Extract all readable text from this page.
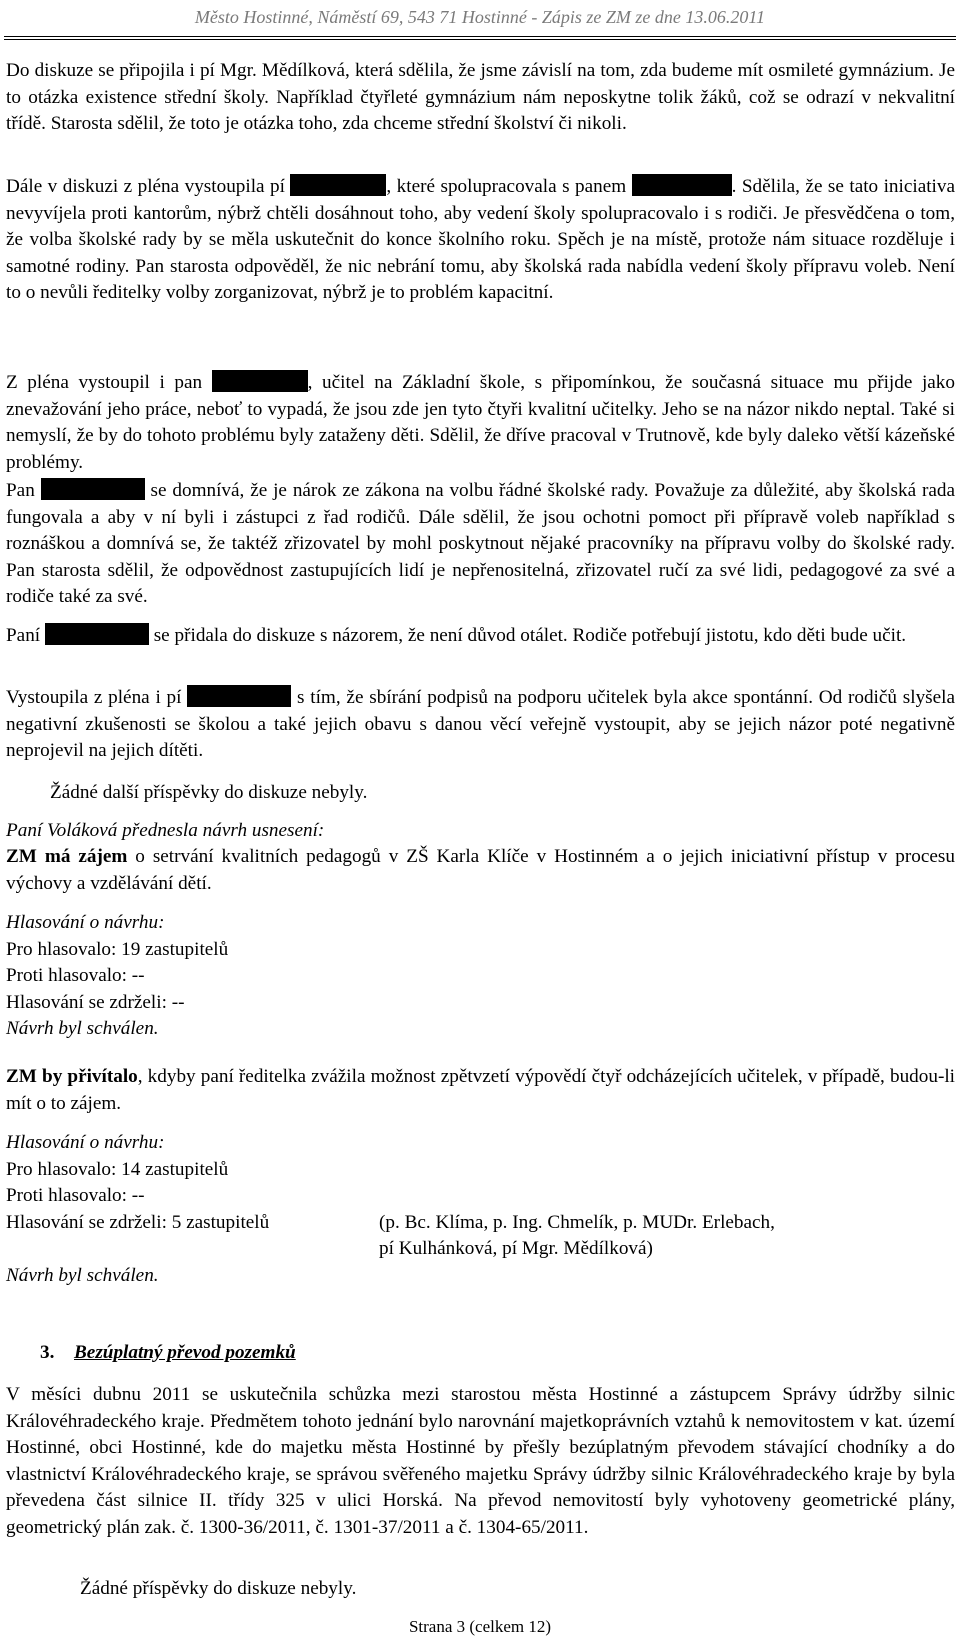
Město Hostinné, Náměstí 69, 543 71 Hostinné - Zápis ze ZM ze dne 13.06.2011

Do diskuze se připojila i pí Mgr. Mědílková, která sdělila, že jsme závislí na tom, zda budeme mít osmileté gymnázium. Je to otázka existence střední školy. Například čtyřleté gymnázium nám neposkytne tolik žáků, což se odrazí v nekvalitní třídě. Starosta sdělil, že toto je otázka toho, zda chceme střední školství či nikoli.

Dále v diskuzi z pléna vystoupila pí	, které spolupracovala s panem	. Sdělila, že se tato iniciativa nevyvíjela proti kantorům, nýbrž chtěli dosáhnout toho, aby vedení školy spolupracovalo i s rodiči. Je přesvědčena o tom, že volba školské rady by se měla uskutečnit do konce školního roku. Spěch je na místě, protože nám situace rozděluje i samotné rodiny. Pan starosta odpověděl, že nic nebrání tomu, aby školská rada nabídla vedení školy přípravu voleb. Není to o nevůli ředitelky volby zorganizovat, nýbrž je to problém kapacitní.

Z pléna vystoupil i pan	, učitel na Základní škole, s připomínkou, že současná situace mu přijde jako znevažování jeho práce, neboť to vypadá, že jsou zde jen tyto čtyři kvalitní učitelky. Jeho se na názor nikdo neptal. Také si nemyslí, že by do tohoto problému byly zataženy děti. Sdělil, že dříve pracoval v Trutnově, kde byly daleko větší kázeňské problémy.

Pan	se domnívá, že je nárok ze zákona na volbu řádné školské rady. Považuje za důležité, aby školská rada fungovala a aby v ní byli i zástupci z řad rodičů. Dále sdělil, že jsou ochotni pomoct při přípravě voleb například s roznáškou a domnívá se, že taktéž zřizovatel by mohl poskytnout nějaké pracovníky na přípravu volby do školské rady. Pan starosta sdělil, že odpovědnost zastupujících lidí je nepřenositelná, zřizovatel ručí za své lidi, pedagogové za své a rodiče také za své.

Paní	se přidala do diskuze s názorem, že není důvod otálet. Rodiče potřebují jistotu, kdo děti bude učit.

Vystoupila z pléna i pí	s tím, že sbírání podpisů na podporu učitelek byla akce spontánní. Od rodičů slyšela negativní zkušenosti se školou a také jejich obavu s danou věcí veřejně vystoupit, aby se jejich názor poté negativně neprojevil na jejich dítěti.

Žádné další příspěvky do diskuze nebyly.

Paní Voláková přednesla návrh usnesení:

ZM má zájem o setrvání kvalitních pedagogů v ZŠ Karla Klíče v Hostinném a o jejich iniciativní přístup v procesu výchovy a vzdělávání dětí.

Hlasování o návrhu:
Pro hlasovalo: 19 zastupitelů
Proti hlasovalo: --
Hlasování se zdrželi: --
Návrh byl schválen.

ZM by přivítalo, kdyby paní ředitelka zvážila možnost zpětvzetí výpovědí čtyř odcházejících učitelek, v případě, budou-li mít o to zájem.

Hlasování o návrhu:
Pro hlasovalo: 14 zastupitelů
Proti hlasovalo: --
Hlasování se zdrželi: 5 zastupitelů	(p. Bc. Klíma, p. Ing. Chmelík, p. MUDr. Erlebach,
pí Kulhánková, pí Mgr. Mědílková)
Návrh byl schválen.
3. Bezúplatný převod pozemků

V měsíci dubnu 2011 se uskutečnila schůzka mezi starostou města Hostinné a zástupcem Správy údržby silnic Královéhradeckého kraje. Předmětem tohoto jednání bylo narovnání majetkoprávních vztahů k nemovitostem v kat. území Hostinné, obci Hostinné, kde do majetku města Hostinné by přešly bezúplatným převodem stávající chodníky a do vlastnictví Královéhradeckého kraje, se správou svěřeného majetku Správy údržby silnic Královéhradeckého kraje by byla převedena část silnice II. třídy 325 v ulici Horská. Na převod nemovitostí byly vyhotoveny geometrické plány, geometrický plán zak. č. 1300-36/2011, č. 1301-37/2011 a č. 1304-65/2011.

Žádné příspěvky do diskuze nebyly.

Strana 3 (celkem 12)
